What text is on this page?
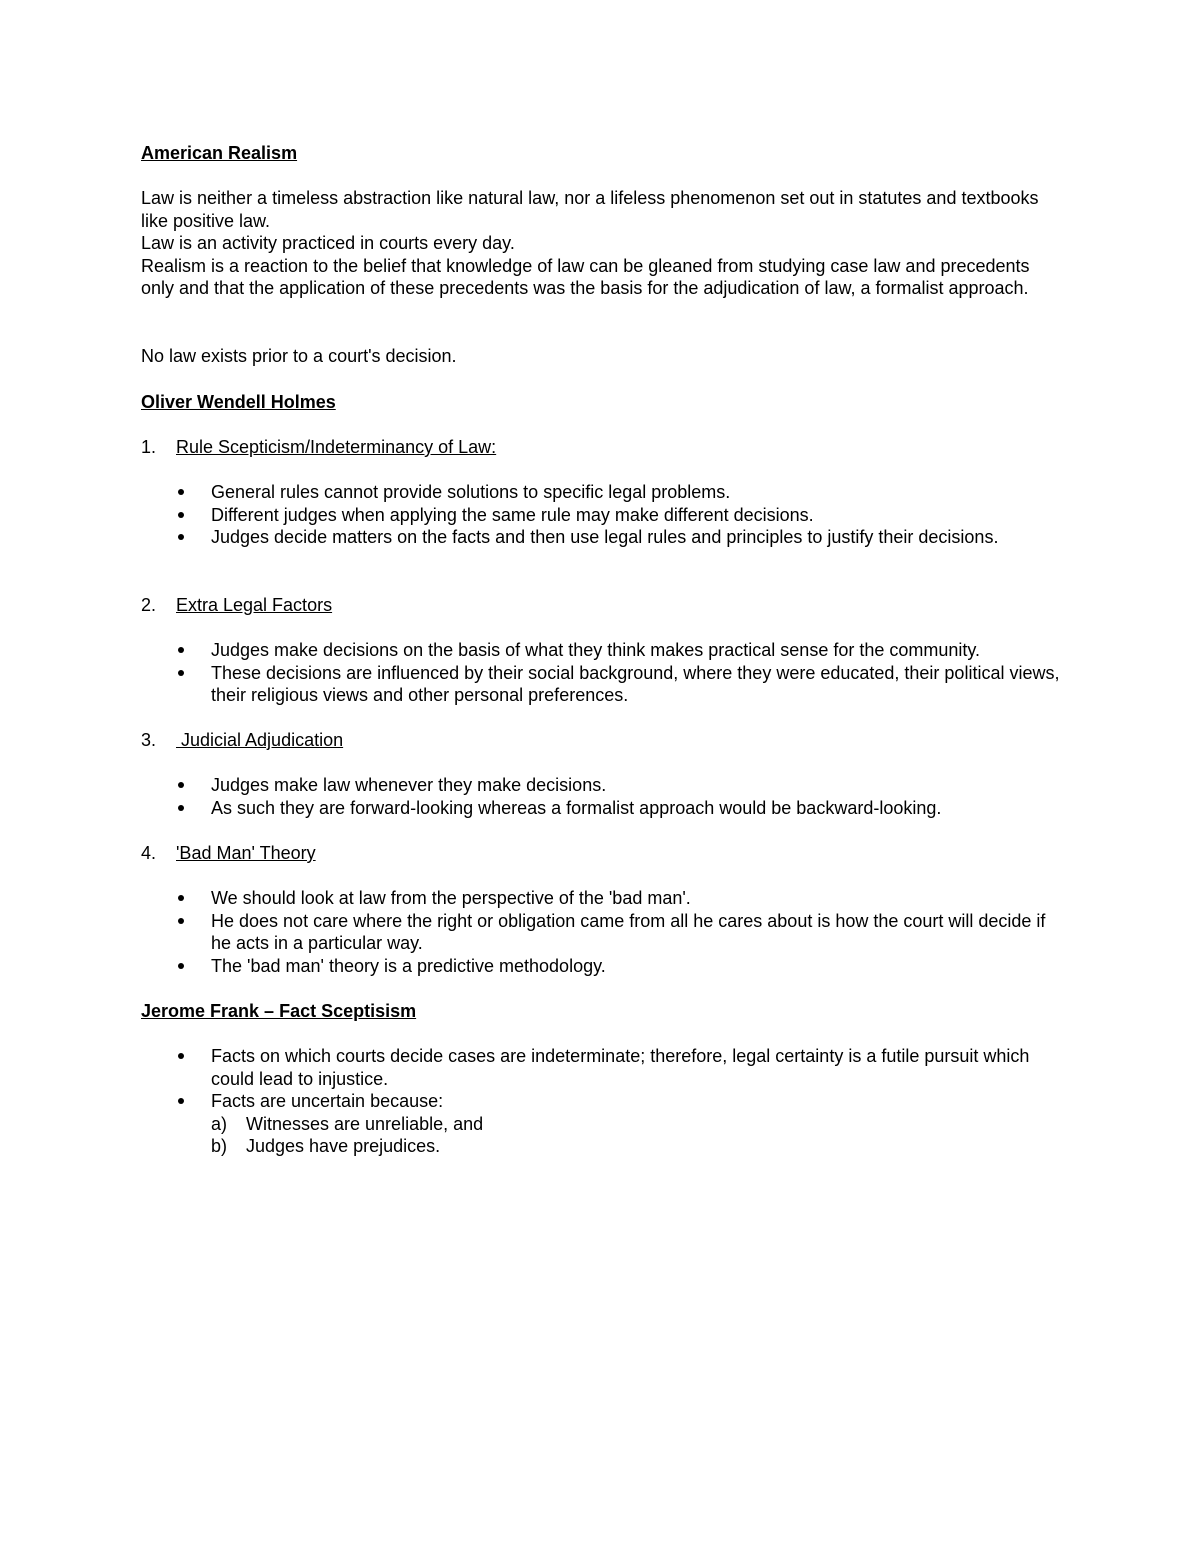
American Realism

Law is neither a timeless abstraction like natural law, nor a lifeless phenomenon set out in statutes and textbooks like positive law.

Law is an activity practiced in courts every day.

Realism is a reaction to the belief that knowledge of law can be gleaned from studying case law and precedents only and that the application of these precedents was the basis for the adjudication of law, a formalist approach.

No law exists prior to a court's decision.
Oliver Wendell Holmes
1. Rule Scepticism/Indeterminancy of Law:
General rules cannot provide solutions to specific legal problems.
Different judges when applying the same rule may make different decisions.
Judges decide matters on the facts and then use legal rules and principles to justify their decisions.
2. Extra Legal Factors
Judges make decisions on the basis of what they think makes practical sense for the community.
These decisions are influenced by their social background, where they were educated, their political views, their religious views and other personal preferences.
3. Judicial Adjudication
Judges make law whenever they make decisions.
As such they are forward-looking whereas a formalist approach would be backward-looking.
4. 'Bad Man' Theory
We should look at law from the perspective of the 'bad man'.
He does not care where the right or obligation came from all he cares about is how the court will decide if he acts in a particular way.
The 'bad man' theory is a predictive methodology.
Jerome Frank – Fact Sceptisism
Facts on which courts decide cases are indeterminate; therefore, legal certainty is a futile pursuit which could lead to injustice.
Facts are uncertain because:
a) Witnesses are unreliable, and
b) Judges have prejudices.
